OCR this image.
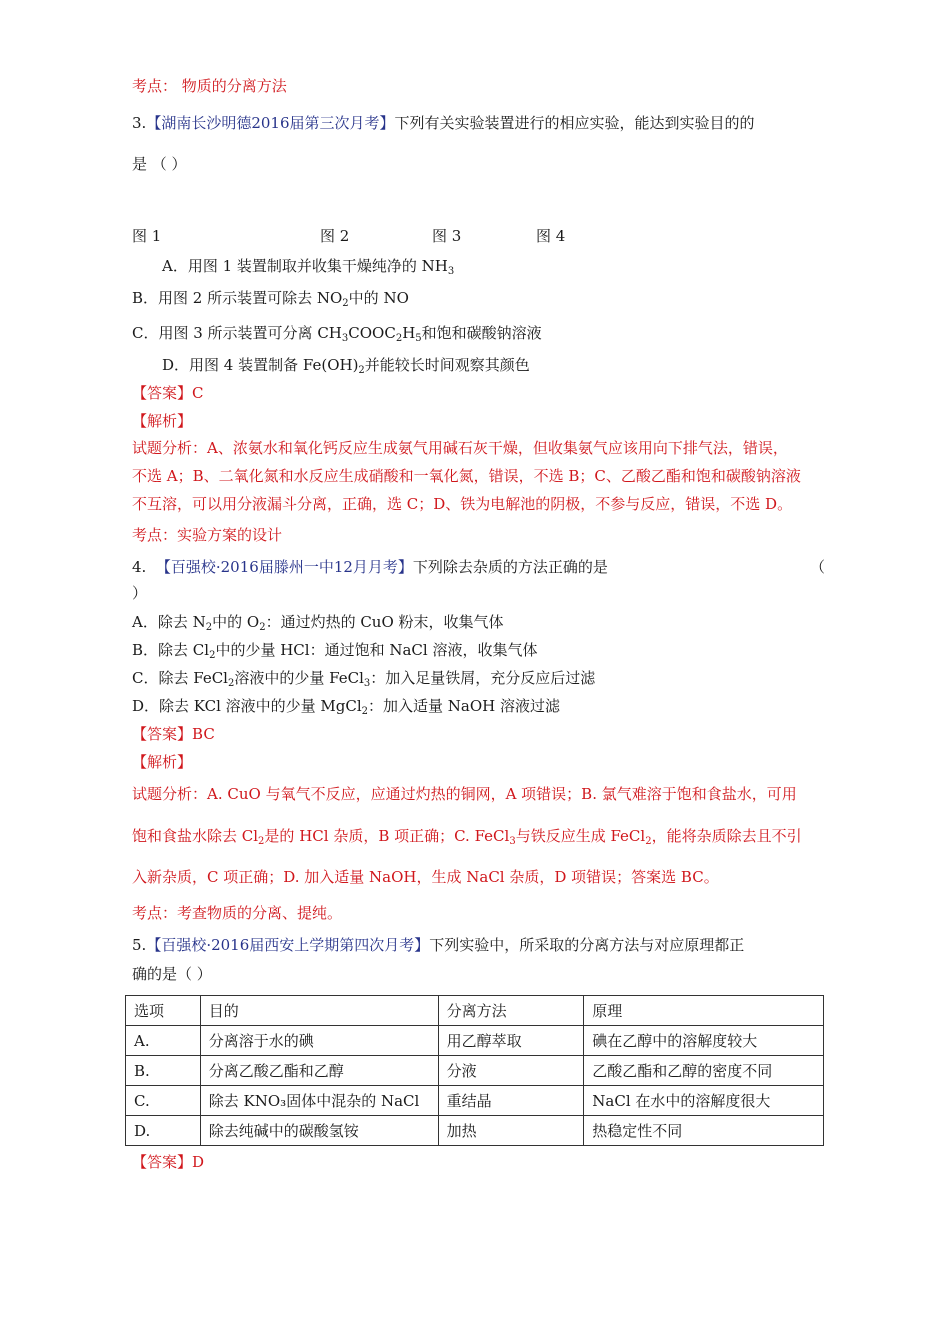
考点： 物质的分离方法
3.【湖南长沙明德2016届第三次月考】下列有关实验装置进行的相应实验，能达到实验目的的
是 （ ）
图 1	图 2	图 3	图 4
A．用图 1 装置制取并收集干燥纯净的 $NH_3$
B．用图 2 所示装置可除去 $NO_2$中的 NO
C．用图 3 所示装置可分离 $CH_3COOC_2H_5$和饱和碳酸钠溶液
D．用图 4 装置制备 $Fe(OH)_2$并能较长时间观察其颜色
【答案】C
【解析】
试题分析：A、浓氨水和氧化钙反应生成氨气用碱石灰干燥，但收集氨气应该用向下排气法，错误，
不选 A；B、二氧化氮和水反应生成硝酸和一氧化氮，错误，不选 B；C、乙酸乙酯和饱和碳酸钠溶液
不互溶，可以用分液漏斗分离，正确，选 C；D、铁为电解池的阴极，不参与反应，错误，不选 D。
考点：实验方案的设计
4. 【百强校·2016届滕州一中12月月考】下列除去杂质的方法正确的是	（
）
A．除去 $N_2$中的 $O_2$：通过灼热的 CuO 粉末，收集气体
B．除去 $Cl_2$中的少量 HCl：通过饱和 NaCl 溶液，收集气体
C．除去 FeCl$_2$溶液中的少量 FeCl$_3$：加入足量铁屑，充分反应后过滤
D．除去 KCl 溶液中的少量 MgCl$_2$：加入适量 NaOH 溶液过滤
【答案】BC
【解析】
试题分析：A. CuO 与氧气不反应，应通过灼热的铜网，A 项错误；B. 氯气难溶于饱和食盐水，可用
饱和食盐水除去 $Cl_2$是的 HCl 杂质，B 项正确；C. FeCl$_3$与铁反应生成 FeCl$_2$，能将杂质除去且不引
入新杂质，C 项正确；D. 加入适量 NaOH，生成 NaCl 杂质，D 项错误；答案选 BC。
考点：考查物质的分离、提纯。
5.【百强校·2016届西安上学期第四次月考】下列实验中，所采取的分离方法与对应原理都正
确的是（ ）
选项	目的	分离方法	原理
A.	分离溶于水的碘	用乙醇萃取	碘在乙醇中的溶解度较大
B.	分离乙酸乙酯和乙醇	分液	乙酸乙酯和乙醇的密度不同
C.	除去 KNO₃固体中混杂的 NaCl	重结晶	NaCl 在水中的溶解度很大
D.	除去纯碱中的碳酸氢铵	加热	热稳定性不同
【答案】D
